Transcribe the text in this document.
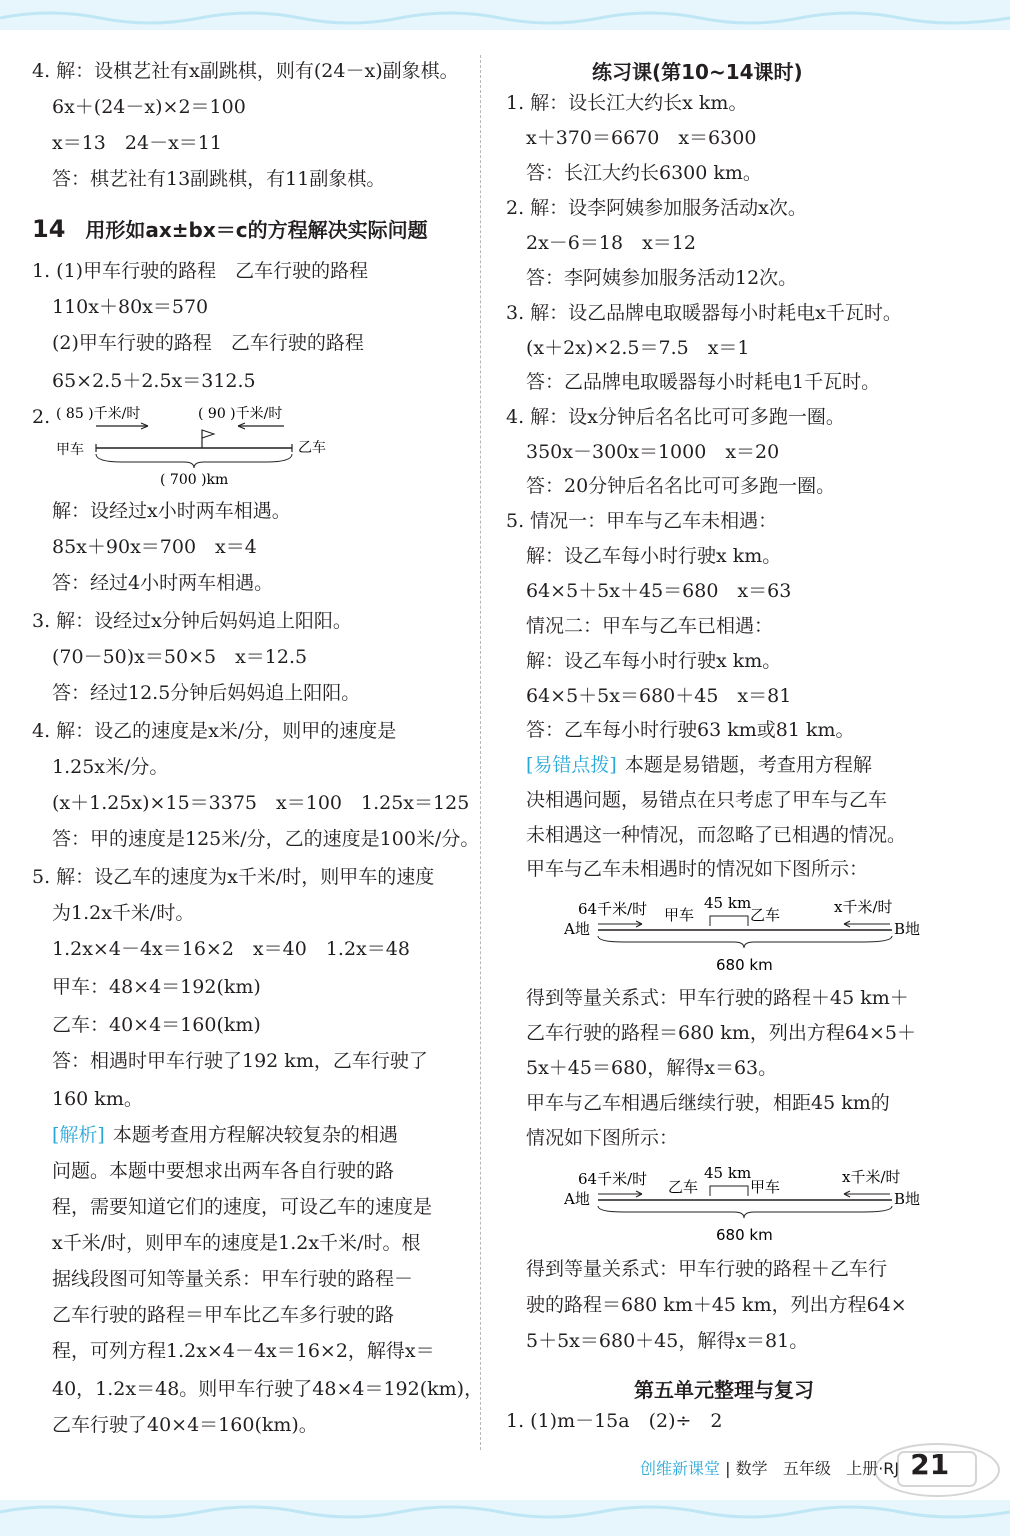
4. 解：设棋艺社有x副跳棋，则有(24－x)副象棋。
6x＋(24－x)×2＝100
x＝13　24－x＝11
答：棋艺社有13副跳棋，有11副象棋。
14 用形如ax±bx＝c的方程解决实际问题
1. (1)甲车行驶的路程　乙车行驶的路程
110x＋80x＝570
(2)甲车行驶的路程　乙车行驶的路程
65×2.5＋2.5x＝312.5
2. ( 85 )千米/时	( 90 )千米/时
甲车	乙车
( 700 )km
解：设经过x小时两车相遇。
85x＋90x＝700　x＝4
答：经过4小时两车相遇。
3. 解：设经过x分钟后妈妈追上阳阳。
(70－50)x＝50×5　x＝12.5
答：经过12.5分钟后妈妈追上阳阳。
4. 解：设乙的速度是x米/分，则甲的速度是
1.25x米/分。
(x＋1.25x)×15＝3375　x＝100　1.25x＝125
答：甲的速度是125米/分，乙的速度是100米/分。
5. 解：设乙车的速度为x千米/时，则甲车的速度
为1.2x千米/时。
1.2x×4－4x＝16×2　x＝40　1.2x＝48
甲车：48×4＝192(km)
乙车：40×4＝160(km)
答：相遇时甲车行驶了192 km，乙车行驶了
160 km。
[解析] 本题考查用方程解决较复杂的相遇
问题。本题中要想求出两车各自行驶的路
程，需要知道它们的速度，可设乙车的速度是
x千米/时，则甲车的速度是1.2x千米/时。根
据线段图可知等量关系：甲车行驶的路程－
乙车行驶的路程＝甲车比乙车多行驶的路
程，可列方程1.2x×4－4x＝16×2，解得x＝
40，1.2x＝48。则甲车行驶了48×4＝192(km)，
乙车行驶了40×4＝160(km)。
练习课(第10~14课时)
1. 解：设长江大约长x km。
x＋370＝6670　x＝6300
答：长江大约长6300 km。
2. 解：设李阿姨参加服务活动x次。
2x－6＝18　x＝12
答：李阿姨参加服务活动12次。
3. 解：设乙品牌电取暖器每小时耗电x千瓦时。
(x＋2x)×2.5＝7.5　x＝1
答：乙品牌电取暖器每小时耗电1千瓦时。
4. 解：设x分钟后名名比可可多跑一圈。
350x－300x＝1000　x＝20
答：20分钟后名名比可可多跑一圈。
5. 情况一：甲车与乙车未相遇：
解：设乙车每小时行驶x km。
64×5＋5x＋45＝680　x＝63
情况二：甲车与乙车已相遇：
解：设乙车每小时行驶x km。
64×5＋5x＝680＋45　x＝81
答：乙车每小时行驶63 km或81 km。
[易错点拨] 本题是易错题，考查用方程解
决相遇问题，易错点在只考虑了甲车与乙车
未相遇这一种情况，而忽略了已相遇的情况。
甲车与乙车未相遇时的情况如下图所示：
64千米/时 甲车
45 km
乙车	x千米/时
A地	B地
680 km
得到等量关系式：甲车行驶的路程＋45 km＋
乙车行驶的路程＝680 km，列出方程64×5＋
5x＋45＝680，解得x＝63。
甲车与乙车相遇后继续行驶，相距45 km的
情况如下图所示：
64千米/时 乙车
45 km
甲车
x千米/时
A地	B地
680 km
得到等量关系式：甲车行驶的路程＋乙车行
驶的路程＝680 km＋45 km，列出方程64×
5＋5x＝680＋45，解得x＝81。
第五单元整理与复习
1. (1)m－15a　(2)÷　2
创维新课堂 | 数学 五年级 上册·RJ 21
